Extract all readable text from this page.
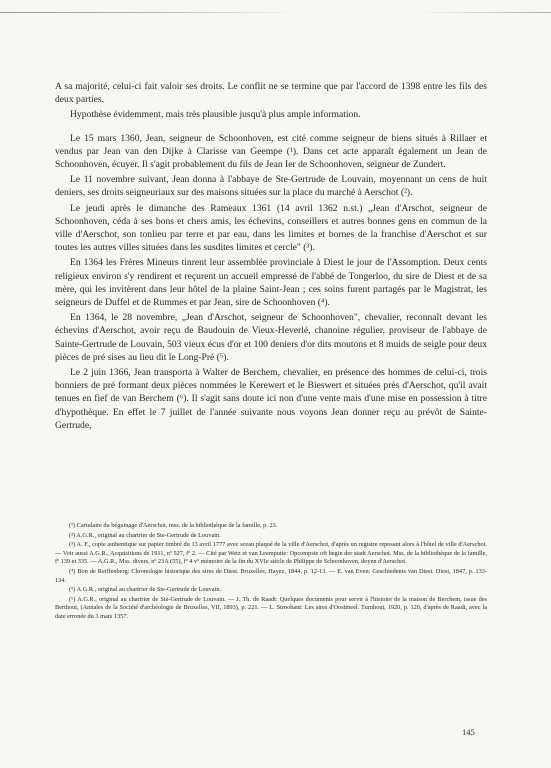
A sa majorité, celui-ci fait valoir ses droits. Le conflit ne se termine que par l'accord de 1398 entre les fils des deux parties.

Hypothèse évidemment, mais très plausible jusqu'à plus ample information.

Le 15 mars 1360, Jean, seigneur de Schoonhoven, est cité comme seigneur de biens situés à Rillaer et vendus par Jean van den Dijke à Clarisse van Geempe (¹). Dans cet acte apparaît également un Jean de Schoonhoven, écuyer. Il s'agit probablement du fils de Jean Ier de Schoonhoven, seigneur de Zundert.

Le 11 novembre suivant, Jean donna à l'abbaye de Ste-Gertrude de Louvain, moyennant un cens de huit deniers, ses droits seigneuriaux sur des maisons situées sur la place du marché à Aerschot (²).

Le jeudi après le dimanche des Rameaux 1361 (14 avril 1362 n.st.) „Jean d'Arschot, seigneur de Schoonhoven, céda à ses bons et chers amis, les échevins, conseillers et autres bonnes gens en commun de la ville d'Aerschot, son tonlieu par terre et par eau, dans les limites et bornes de la franchise d'Aerschot et sur toutes les autres villes situées dans les susdites limites et cercle" (³).

En 1364 les Frères Mineurs tinrent leur assemblée provinciale à Diest le jour de l'Assomption. Deux cents religieux environ s'y rendirent et reçurent un accueil empressé de l'abbé de Tongerloo, du sire de Diest et de sa mère, qui les invitèrent dans leur hôtel de la plaine Saint-Jean ; ces soins furent partagés par le Magistrat, les seigneurs de Duffel et de Rummes et par Jean, sire de Schoonhoven (⁴).

En 1364, le 28 novembre, „Jean d'Arschot, seigneur de Schoonhoven", chevalier, reconnaît devant les échevins d'Aerschot, avoir reçu de Baudouin de Vieux-Heverlé, chanoine régulier, proviseur de l'abbaye de Sainte-Gertrude de Louvain, 503 vieux écus d'or et 100 deniers d'or dits moutons et 8 muids de seigle pour deux pièces de pré sises au lieu dit le Long-Pré (⁵).

Le 2 juin 1366, Jean transporta à Walter de Berchem, chevalier, en présence des hommes de celui-ci, trois bonniers de pré formant deux pièces nommées le Kerewert et le Bieswert et situées près d'Aerschot, qu'il avait tenues en fief de van Berchem (⁶). Il s'agit sans doute ici non d'une vente mais d'une mise en possession à titre d'hypothèque. En effet le 7 juillet de l'année suivante nous voyons Jean donner reçu au prévôt de Sainte-Gertrude,

(¹) Cartulaire du béguinage d'Aerschot, mss. de la bibliothèque de la famille, p. 23.

(²) A.G.R., original au chartrier de Ste-Gertrude de Louvain.

(³) A. F., copie authentique sur papier timbré du 13 avril 1777 avec sceau plaqué de la ville d'Aerschot, d'après un registre reposant alors à l'hôtel de ville d'Aerschot. — Voir aussi A.G.R., Acquisitions de 1911, nº 527, fº 2. — Cité par Wetz et van Leemputte: Opcompste oft begin der stadt Aerschot. Mss. de la bibliothèque de la famille, fº 139 et 335. — A.G.R., Mss. divers, nº 23A (55), fº 4 vº mémoire de la fin du XVIe siècle de Philippe de Schoonhoven, doyen d'Aerschot.

(⁴) Bon de Reiffenberg: Chronologie historique des sires de Diest. Bruxelles, Hayez, 1844, p. 12-13. — E. van Even: Geschiedenis van Diest. Diest, 1847, p. 133-134.

(⁵) A.G.R., original au chartrier de Ste-Gertrude de Louvain.

(⁶) A.G.R., original au chartrier de Ste-Gertrude de Louvain. — J. Th. de Raadt: Quelques documents pour servir à l'histoire de la maison de Berchem, issue des Berthout, (Annales de la Société d'archéologie de Bruxelles, VII, 1893), p. 221. — L. Stroobant: Les sires d'Oostmeel. Turnhout, 1920, p. 120, d'après de Raadt, avec la date erronée du 3 mars 1357.

145
